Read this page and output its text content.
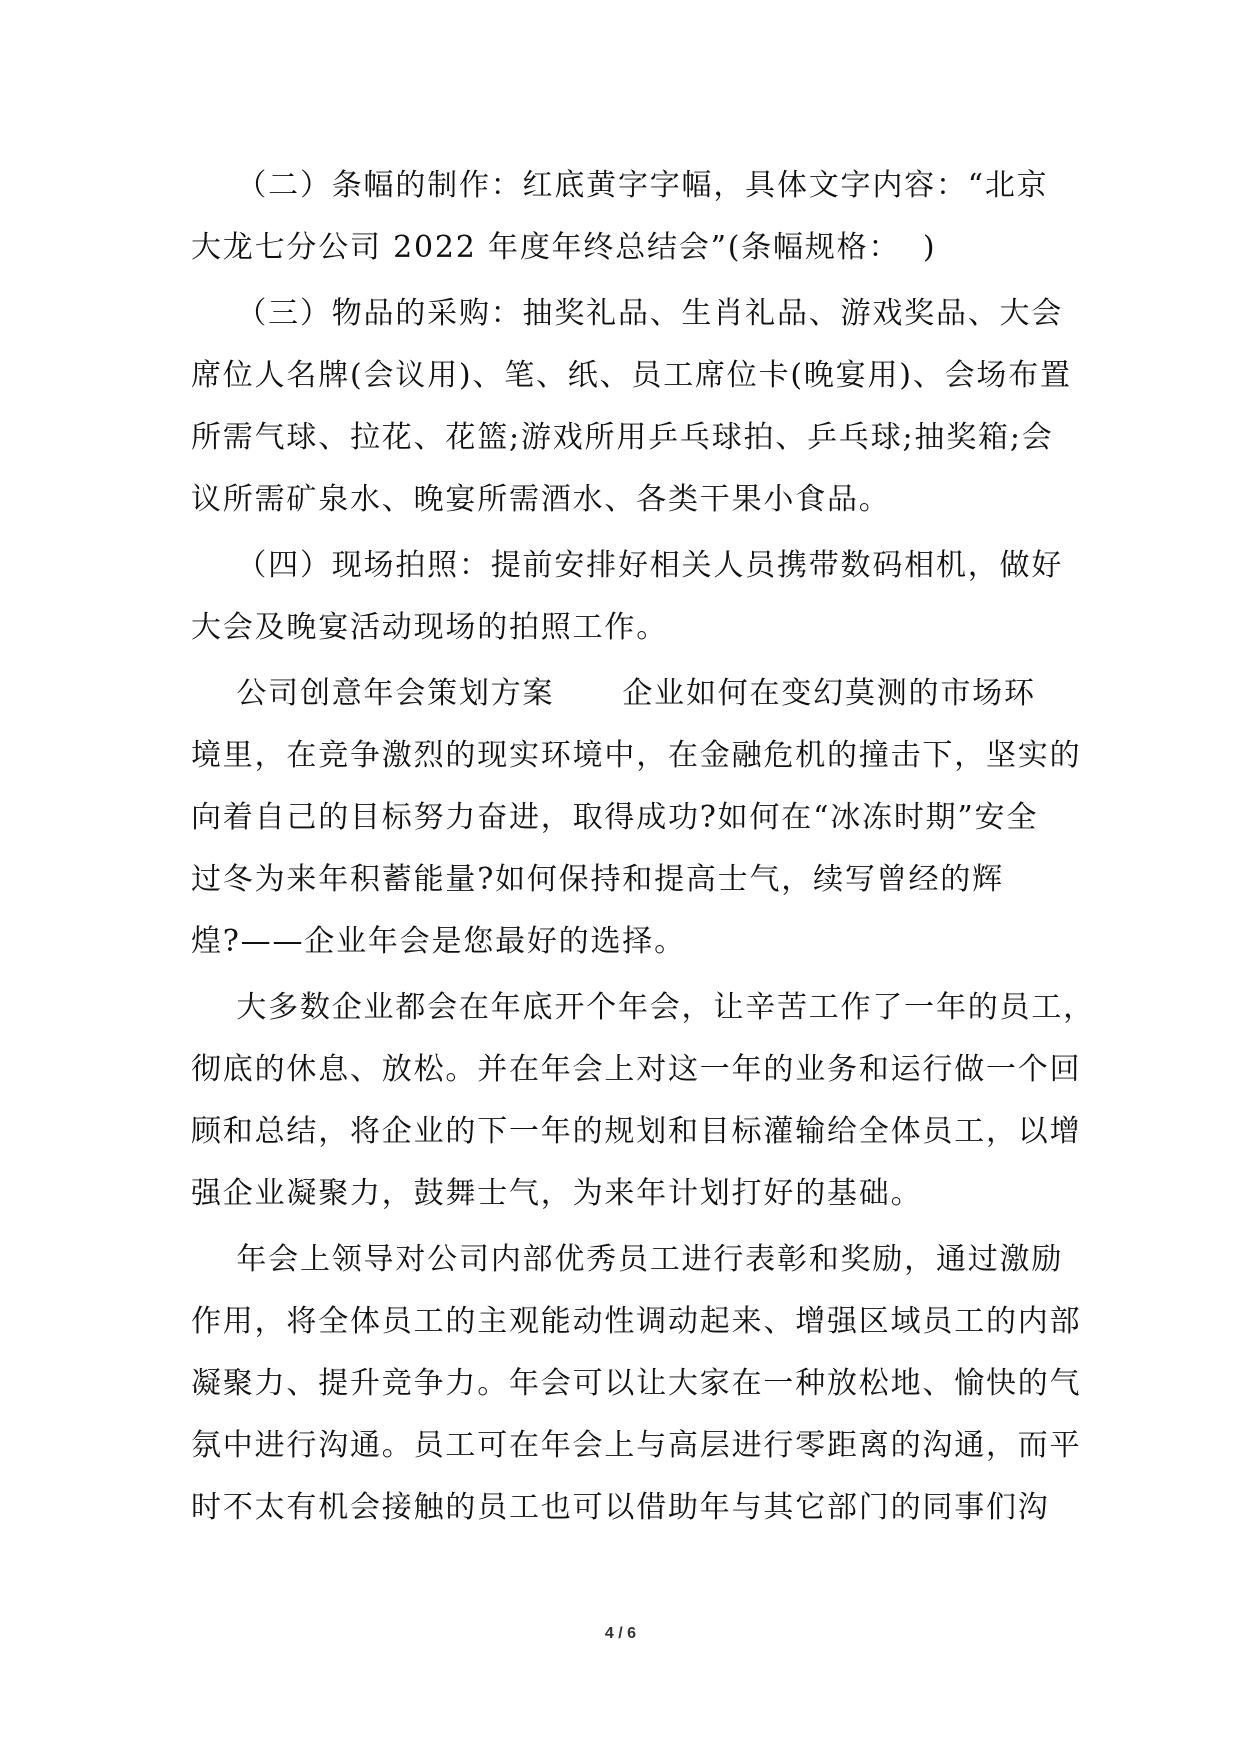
（二）条幅的制作：红底黄字字幅，具体文字内容：“北京
大龙七分公司 2022 年度年终总结会”(条幅规格：  )
（三）物品的采购：抽奖礼品、生肖礼品、游戏奖品、大会
席位人名牌(会议用)、笔、纸、员工席位卡(晚宴用)、会场布置
所需气球、拉花、花篮;游戏所用乒乓球拍、乒乓球;抽奖箱;会
议所需矿泉水、晚宴所需酒水、各类干果小食品。
（四）现场拍照：提前安排好相关人员携带数码相机，做好
大会及晚宴活动现场的拍照工作。
公司创意年会策划方案      企业如何在变幻莫测的市场环
境里，在竞争激烈的现实环境中，在金融危机的撞击下，坚实的
向着自己的目标努力奋进，取得成功?如何在“冰冻时期”安全
过冬为来年积蓄能量?如何保持和提高士气，续写曾经的辉
煌?——企业年会是您最好的选择。
大多数企业都会在年底开个年会，让辛苦工作了一年的员工，
彻底的休息、放松。并在年会上对这一年的业务和运行做一个回
顾和总结，将企业的下一年的规划和目标灌输给全体员工，以增
强企业凝聚力，鼓舞士气，为来年计划打好的基础。
年会上领导对公司内部优秀员工进行表彰和奖励，通过激励
作用，将全体员工的主观能动性调动起来、增强区域员工的内部
凝聚力、提升竞争力。年会可以让大家在一种放松地、愉快的气
氛中进行沟通。员工可在年会上与高层进行零距离的沟通，而平
时不太有机会接触的员工也可以借助年与其它部门的同事们沟
4 / 6
